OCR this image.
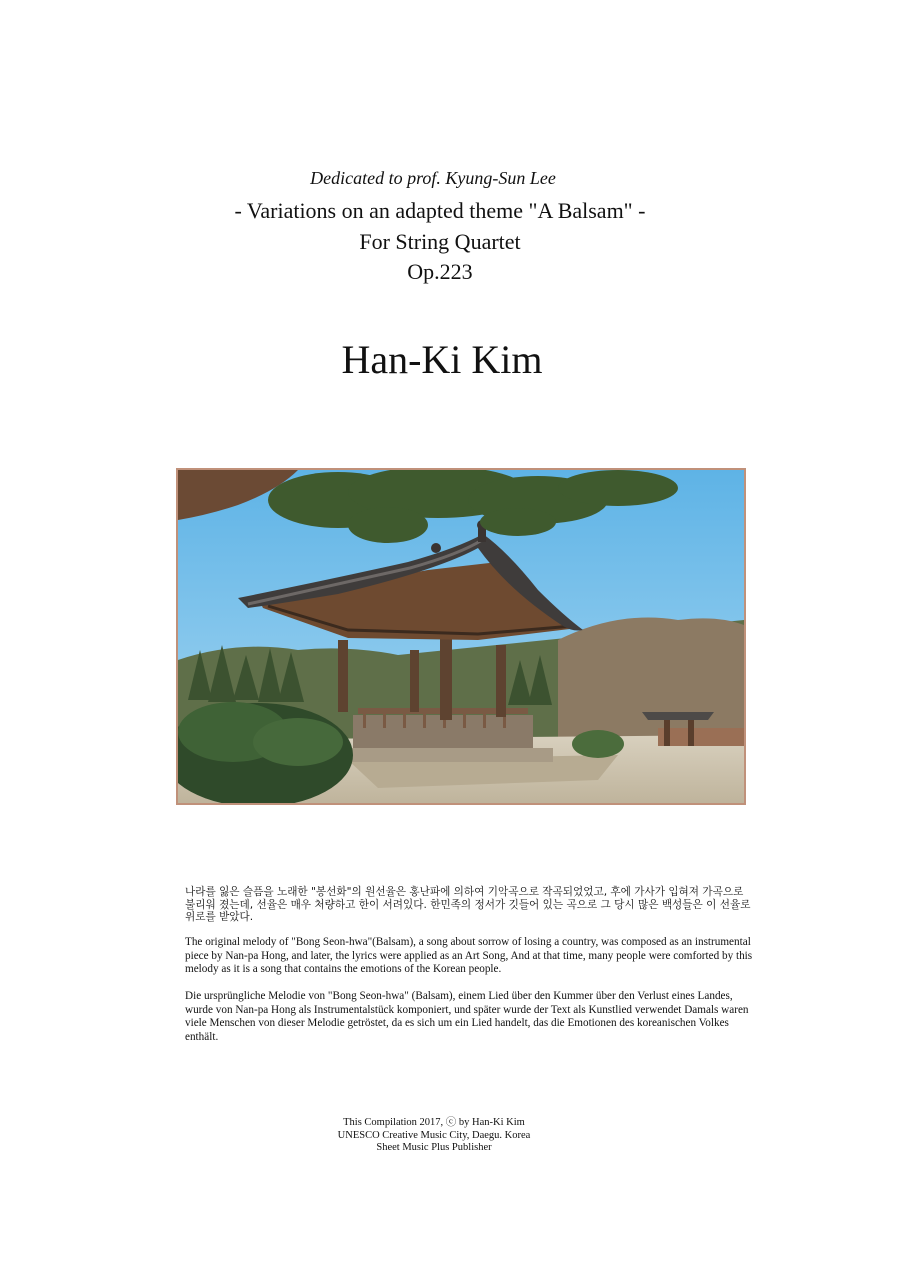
Dedicated to prof. Kyung-Sun Lee
- Variations on an adapted theme "A Balsam" -
For String Quartet
Op.223
Han-Ki Kim

나라를 잃은 슬픔을 노래한 "봉선화"의 원선율은 홍난파에 의하여 기악곡으로 작곡되었었고, 후에 가사가 입혀져 가곡으로 불리워 졌는데, 선율은 매우 처량하고 한이 서려있다. 한민족의 정서가 깃들어 있는 곡으로 그 당시 많은 백성들은 이 선율로 위로를 받았다.

The original melody of "Bong Seon-hwa"(Balsam), a song about sorrow of losing a country, was composed as an instrumental piece by Nan-pa Hong, and later, the lyrics were applied as an Art Song, And at that time, many people were comforted by this melody as it is a song that contains the emotions of the Korean people.

Die ursprüngliche Melodie von "Bong Seon-hwa" (Balsam), einem Lied über den Kummer über den Verlust eines Landes, wurde von Nan-pa Hong als Instrumentalstück komponiert, und später wurde der Text als Kunstlied verwendet Damals waren viele Menschen von dieser Melodie getröstet, da es sich um ein Lied handelt, das die Emotionen des koreanischen Volkes enthält.

This Compilation 2017, ⓒ by Han-Ki Kim
UNESCO Creative Music City, Daegu. Korea
Sheet Music Plus Publisher
